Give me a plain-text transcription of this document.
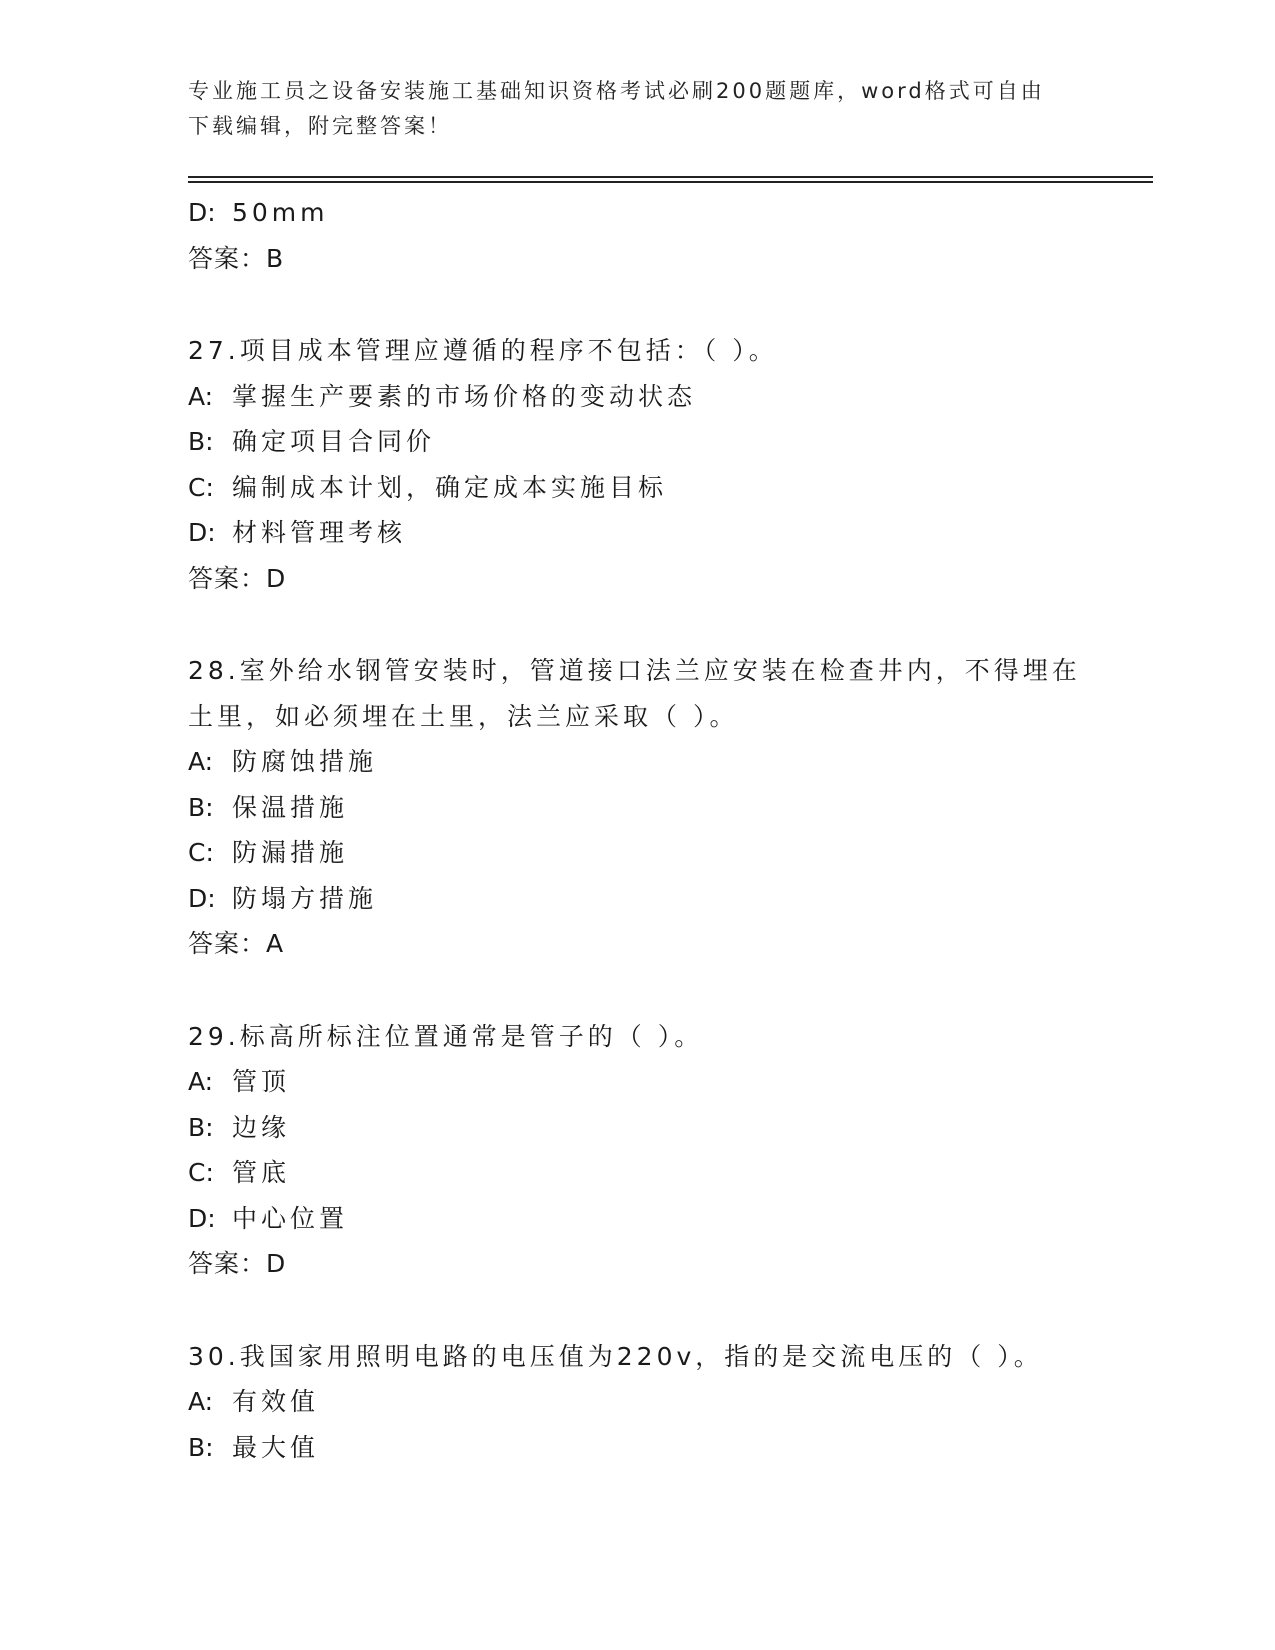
专业施工员之设备安装施工基础知识资格考试必刷200题题库，word格式可自由
下载编辑，附完整答案！
D: 50mm
答案：B
27.项目成本管理应遵循的程序不包括：（ ）。
A: 掌握生产要素的市场价格的变动状态
B: 确定项目合同价
C: 编制成本计划，确定成本实施目标
D: 材料管理考核
答案：D
28.室外给水钢管安装时，管道接口法兰应安装在检查井内，不得埋在
土里，如必须埋在土里，法兰应采取（ ）。
A: 防腐蚀措施
B: 保温措施
C: 防漏措施
D: 防塌方措施
答案：A
29.标高所标注位置通常是管子的（ ）。
A: 管顶
B: 边缘
C: 管底
D: 中心位置
答案：D
30.我国家用照明电路的电压值为220v，指的是交流电压的（ ）。
A: 有效值
B: 最大值
